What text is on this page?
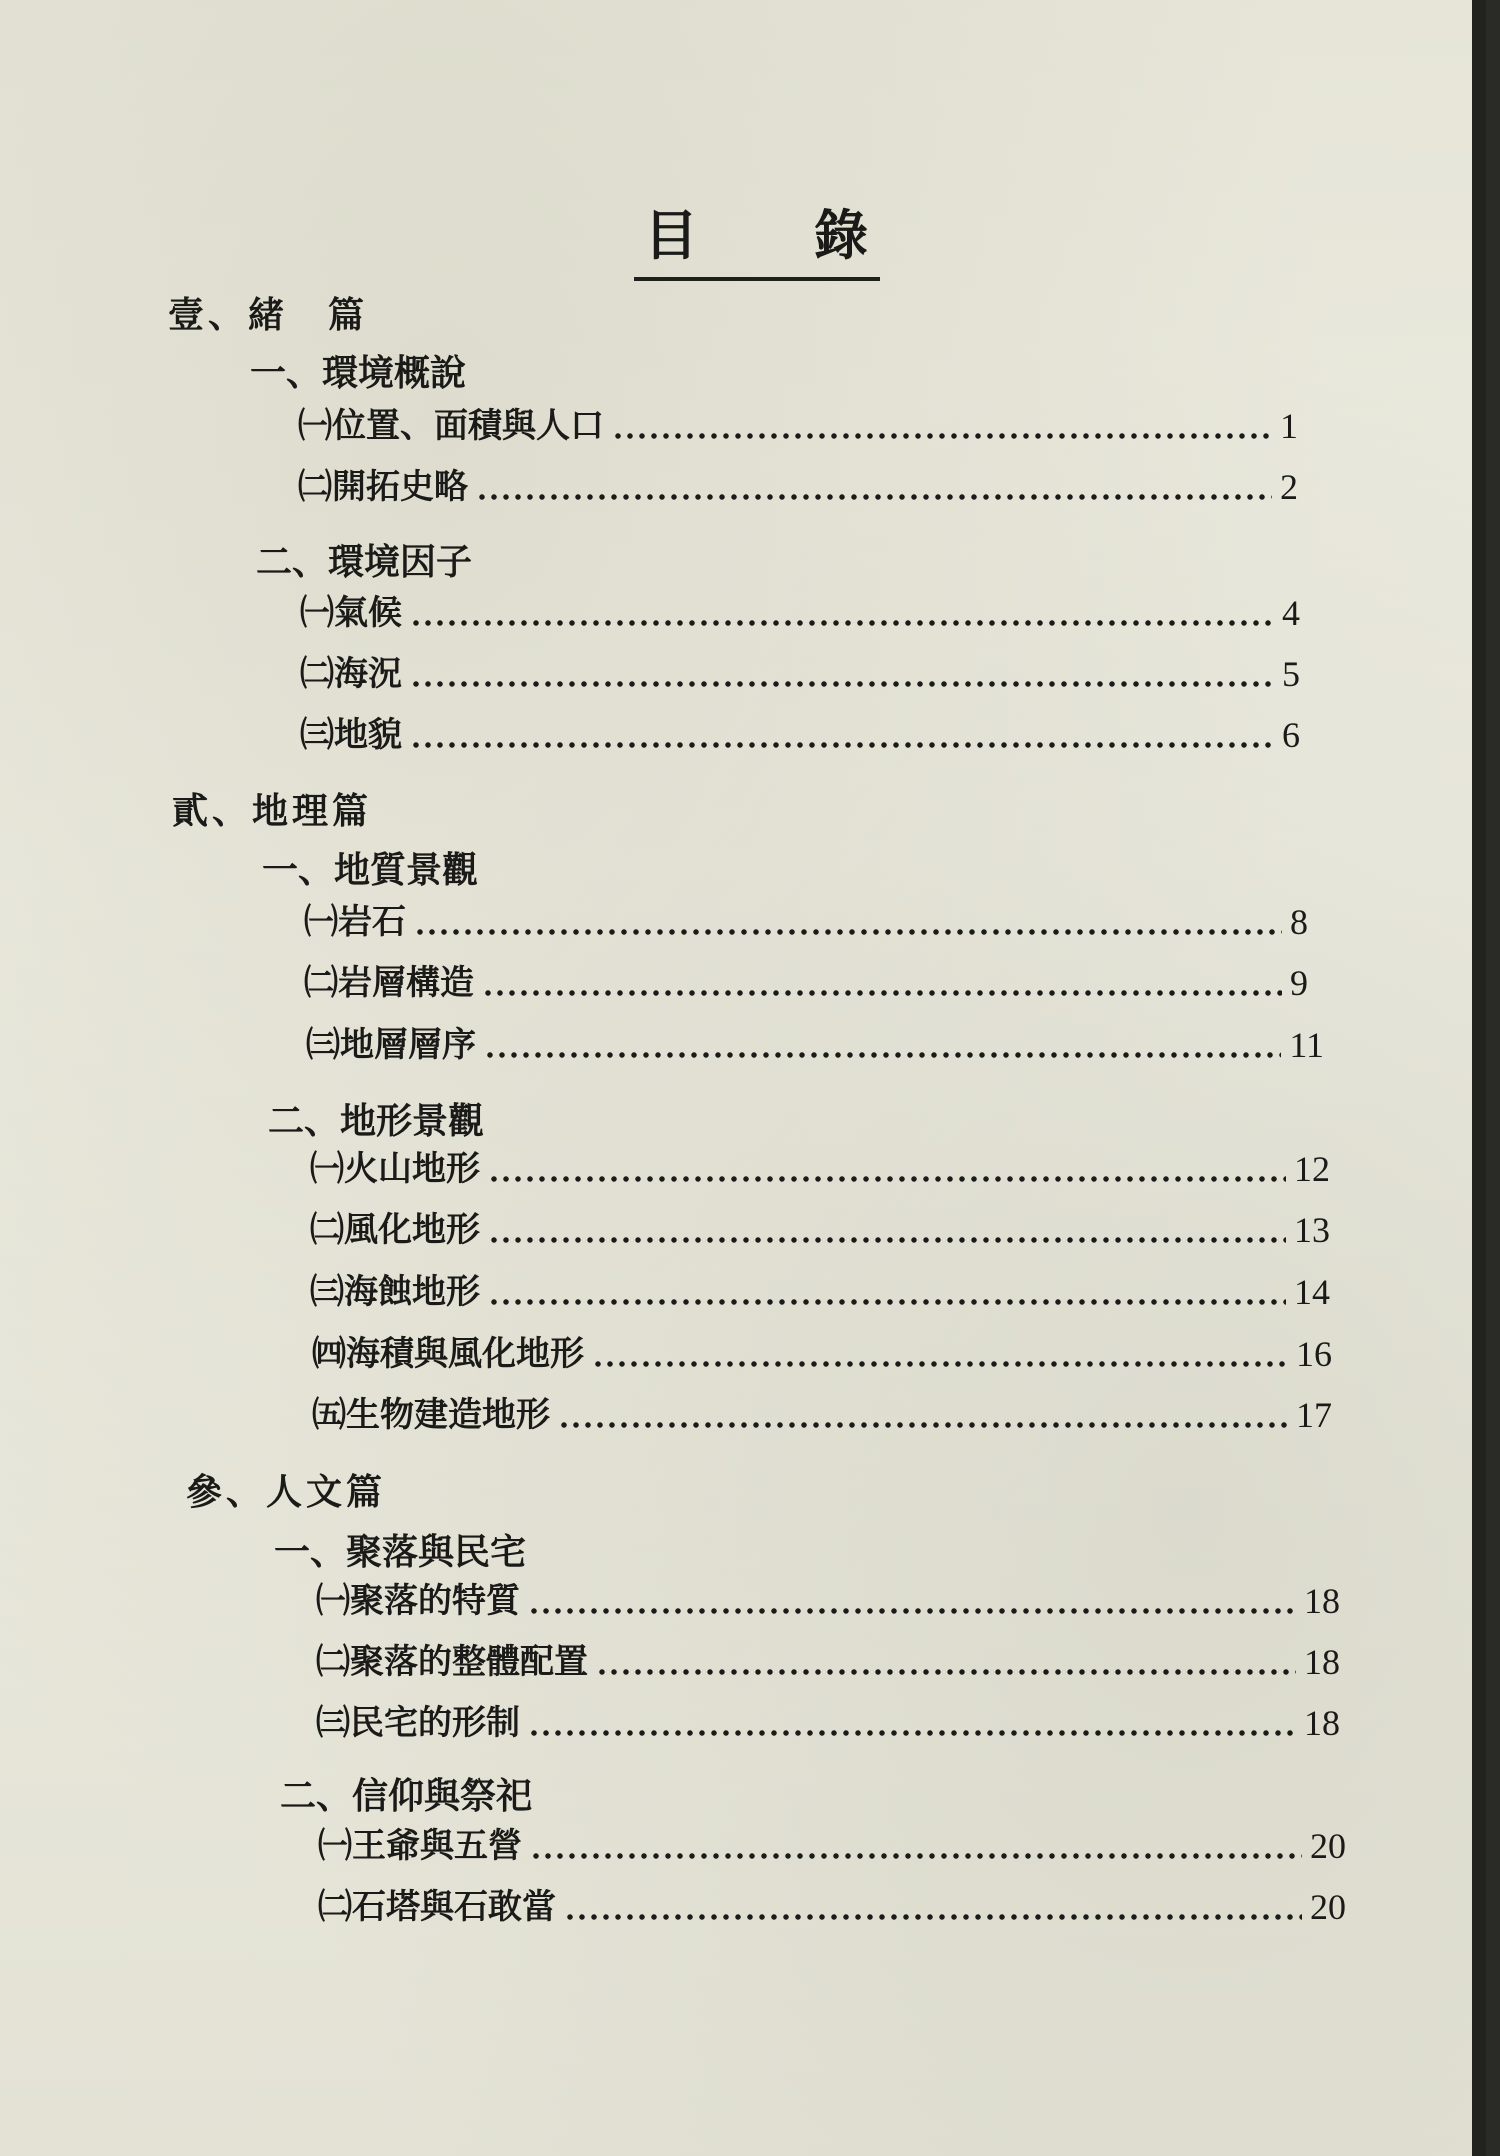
目 錄
壹、緒　篇
一、環境概說
㈠位置、面積與人口	1
㈡開拓史略	2
二、環境因子
㈠氣候	4
㈡海況	5
㈢地貌	6
貳、地理篇
一、地質景觀
㈠岩石	8
㈡岩層構造	9
㈢地層層序	11
二、地形景觀
㈠火山地形	12
㈡風化地形	13
㈢海蝕地形	14
㈣海積與風化地形	16
㈤生物建造地形	17
參、人文篇
一、聚落與民宅
㈠聚落的特質	18
㈡聚落的整體配置	18
㈢民宅的形制	18
二、信仰與祭祀
㈠王爺與五營	20
㈡石塔與石敢當	20
